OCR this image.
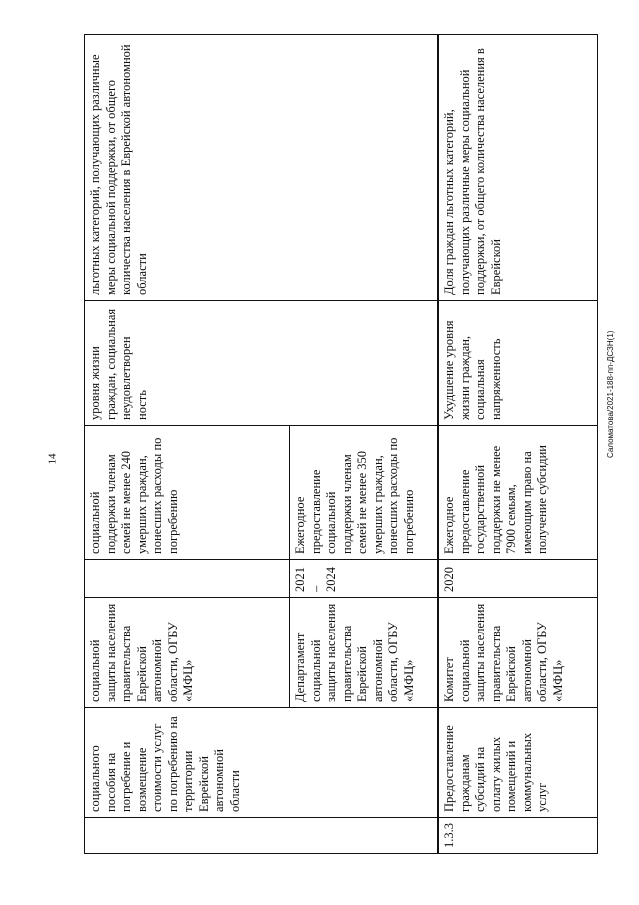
14
Саломатова/2021-188-пп-ДСЗН(1)
	социального пособия на погребение и возмещение стоимости услуг по погребению на территории Еврейской автономной области	социальной защиты населения правительства Еврейской автономной области, ОГБУ «МФЦ»		социальной поддержки членам семей не менее 240 умерших граждан, понесших расходы по погребению	уровня жизни граждан, социальная неудовлетворен ность	льготных категорий, получающих различные меры социальной поддержки, от общего количества населения в Еврейской автономной области
		Департамент социальной защиты населения правительства Еврейской автономной области, ОГБУ «МФЦ»	2021 – 2024	Ежегодное предоставление социальной поддержки членам семей не менее 350 умерших граждан, понесших расходы по погребению		
1.3.3	Предоставление гражданам субсидий на оплату жилых помещений и коммунальных услуг	Комитет социальной защиты населения правительства Еврейской автономной области, ОГБУ «МФЦ»	2020	Ежегодное предоставление государственной поддержки не менее 7900 семьям, имеющим право на получение субсидии	Ухудшение уровня жизни граждан, социальная напряженность	Доля граждан льготных категорий, получающих различные меры социальной поддержки, от общего количества населения в Еврейской
